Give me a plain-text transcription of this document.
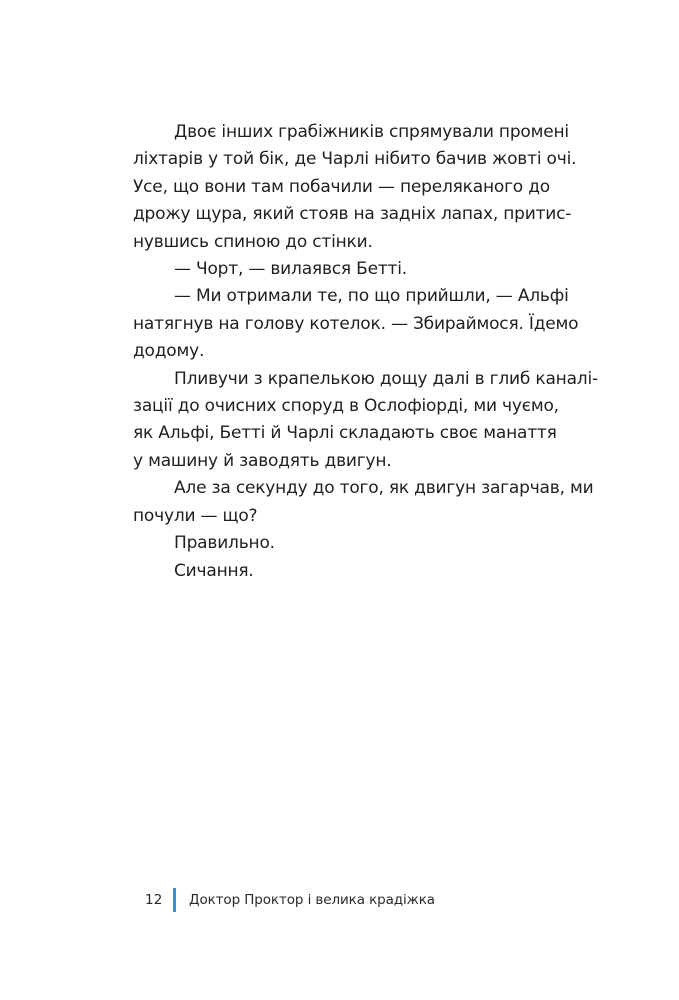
Двоє інших грабіжників спрямували промені
ліхтарів у той бік, де Чарлі нібито бачив жовті очі.
Усе, що вони там побачили — переляканого до
дрожу щура, який стояв на задніх лапах, притис-
нувшись спиною до стінки.
— Чорт, — вилаявся Бетті.
— Ми отримали те, по що прийшли, — Альфі
натягнув на голову котелок. — Збираймося. Їдемо
додому.
Пливучи з крапелькою дощу далі в глиб каналі-
зації до очисних споруд в Ослофіорді, ми чуємо,
як Альфі, Бетті й Чарлі складають своє манаття
у машину й заводять двигун.
Але за секунду до того, як двигун загарчав, ми
почули — що?
Правильно.
Сичання.
12	Доктор Проктор і велика крадіжка
